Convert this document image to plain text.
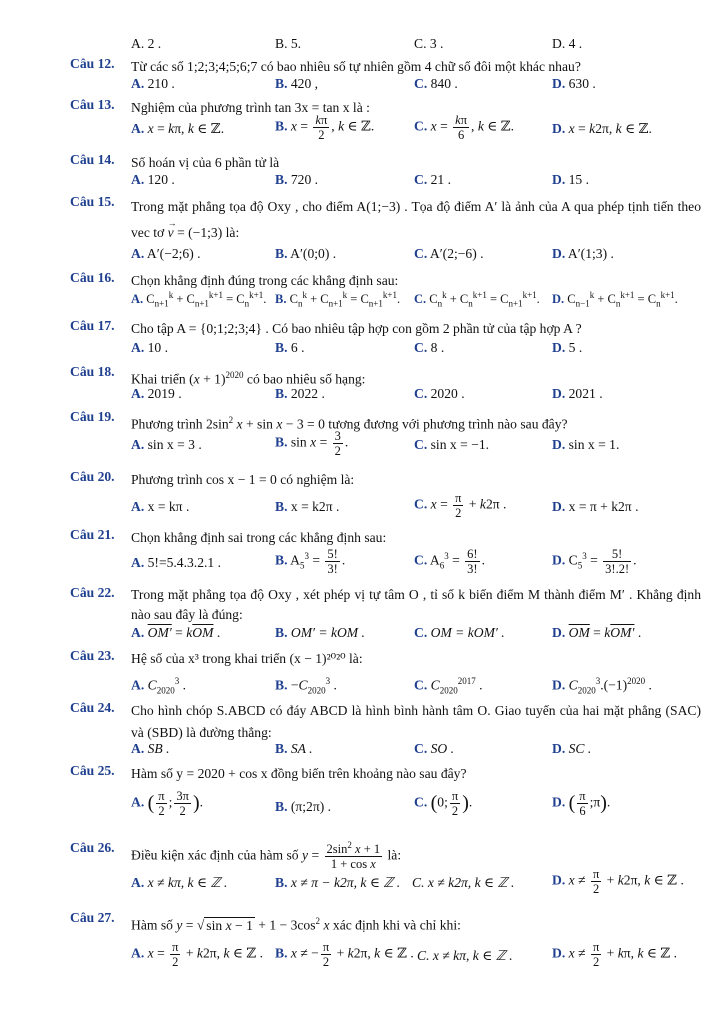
A. 2 .	B. 5.	C. 3 .	D. 4 .
Câu 12. Từ các số 1;2;3;4;5;6;7 có bao nhiêu số tự nhiên gồm 4 chữ số đôi một khác nhau?
A. 210 .	B. 420 ,	C. 840 .	D. 630 .
Câu 13. Nghiệm của phương trình tan 3x = tan x là :
A. x = kπ, k ∈ ℤ.	B. $x = \frac{k\pi}{2}$ , k ∈ ℤ.	C. $x = \frac{k\pi}{6}$ , k ∈ ℤ.	D. x = k2π, k ∈ ℤ.
Câu 14. Số hoán vị của 6 phần tử là
A. 120 .	B. 720 .	C. 21 .	D. 15 .
Câu 15. Trong mặt phẳng tọa độ Oxy , cho điểm A(1;−3) . Tọa độ điểm A′ là ảnh của A qua phép tịnh tiến theo vec tơ → v = (−1;3) là:
A. A′(−2;6) .	B. A′(0;0) .	C. A′(2;−6) .	D. A′(1;3) .
Câu 16. Chọn khẳng định đúng trong các khẳng định sau:
A. $C_{n+1}^k + C_{n+1}^{k+1} = C_n^{k+1}$. B. $C_n^k + C_{n+1}^k = C_{n+1}^{k+1}$. C. $C_n^k + C_n^{k+1} = C_{n+1}^{k+1}$. D. $C_{n-1}^k + C_n^{k+1} = C_n^{k+1}$.
Câu 17. Cho tập A = {0;1;2;3;4} . Có bao nhiêu tập hợp con gồm 2 phần tử của tập hợp A ?
A. 10 .	B. 6 .	C. 8 .	D. 5 .
Câu 18.
Khai triển $(x + 1)^{2020}$ có bao nhiêu số hạng:
A. 2019 .	B. 2022 .	C. 2020 .	D. 2021 .
Câu 19.
Phương trình $2\sin^2$ x + sin x − 3 = 0 tương đương với phương trình nào sau đây?
A. sin x = 3 .	B. $\sin x = \frac{3}{2}$ .	C. sin x = −1.	D. sin x = 1.
Câu 20. Phương trình cos x − 1 = 0 có nghiệm là:
A. x = kπ .	B. x = k2π .	C. $x = \frac{\pi}{2} + k2\pi$ .	D. x = π + k2π .
Câu 21. Chọn khẳng định sai trong các khẳng định sau:
A. 5!=5.4.3.2.1 .	B. $A_5^3 = \frac{5!}{3!}$ .	C. $A_6^3 = \frac{6!}{3!}$ .	D. $C_5^3 = \frac{5!}{3!.2!}$ .
Câu 22. Trong mặt phẳng tọa độ Oxy , xét phép vị tự tâm O , tỉ số k biến điểm M thành điểm M′ . Khẳng định nào sau đây là đúng:
A. $OM' = k\overline{OM}$ .	B. OM′ = kOM .	C. OM = kOM′ .	D. $\overline{OM} = kOM'$ .
Câu 23. Hệ số của x³ trong khai triển (x − 1)²⁰²⁰ là:
A. $C_{2020}^3$ .	B. $-C_{2020}^3$ .	C. $C_{2020}^{2017}$ .	D. $C_{2020}^3.(-1)^{2020}$ .
Câu 24. Cho hình chóp S.ABCD có đáy ABCD là hình bình hành tâm O. Giao tuyến của hai mặt phẳng (SAC) và (SBD) là đường thẳng:
A. SB .	B. SA .	C. SO .	D. SC .
Câu 25. Hàm số y = 2020 + cos x đồng biến trên khoảng nào sau đây?
A. ( $\frac{\pi}{2}$ ; $\frac{3\pi}{2}$ ).	B. (π;2π) .	C. (0; $\frac{\pi}{2}$ ).	D. ( $\frac{\pi}{6}$ ;π).
Câu 26.
Điều kiện xác định của hàm số $y = \frac{2\sin^2 x + 1}{\text{1 + cos x}}$ là:
A. x ≠ kπ, k ∈ ℤ .	B. x ≠ π − k2π, k ∈ ℤ . C. x ≠ k2π, k ∈ ℤ .	D. $x \ne \frac{\pi}{2} + k2\pi$, k ∈ ℤ .
Câu 27.
Hàm số y = √ $\sin x - 1 + 1 - 3\cos^2$ x xác định khi và chỉ khi:
A. $x = \frac{\pi}{2} + k2\pi$, k ∈ ℤ . B. x ≠ − $\frac{\pi}{2} + k2\pi$, k ∈ ℤ . C. x ≠ kπ, k ∈ ℤ .	D. $x \ne \frac{\pi}{2} + k\pi$, k ∈ ℤ .
